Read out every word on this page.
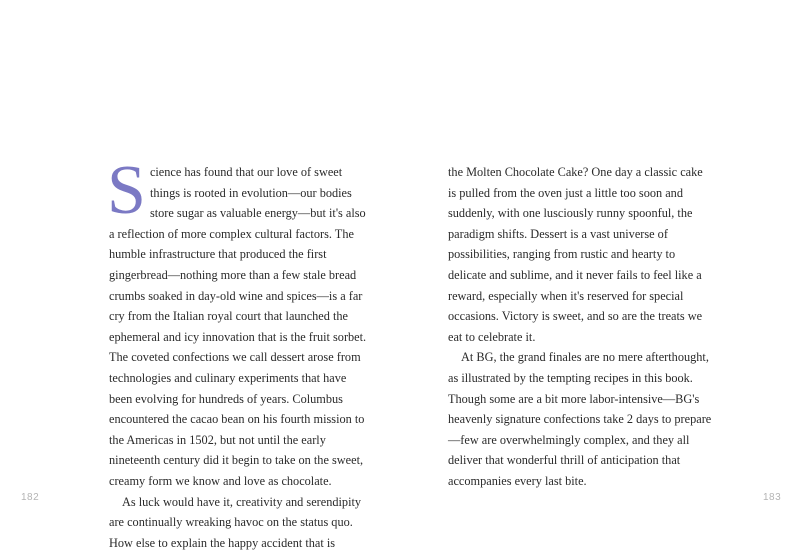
Science has found that our love of sweet things is rooted in evolution—our bodies store sugar as valuable energy—but it's also a reflection of more complex cultural factors. The humble infrastructure that produced the first gingerbread—nothing more than a few stale bread crumbs soaked in day-old wine and spices—is a far cry from the Italian royal court that launched the ephemeral and icy innovation that is the fruit sorbet. The coveted confections we call dessert arose from technologies and culinary experiments that have been evolving for hundreds of years. Columbus encountered the cacao bean on his fourth mission to the Americas in 1502, but not until the early nineteenth century did it begin to take on the sweet, creamy form we know and love as chocolate.

As luck would have it, creativity and serendipity are continually wreaking havoc on the status quo. How else to explain the happy accident that is

182

the Molten Chocolate Cake? One day a classic cake is pulled from the oven just a little too soon and suddenly, with one lusciously runny spoonful, the paradigm shifts. Dessert is a vast universe of possibilities, ranging from rustic and hearty to delicate and sublime, and it never fails to feel like a reward, especially when it's reserved for special occasions. Victory is sweet, and so are the treats we eat to celebrate it.

At BG, the grand finales are no mere afterthought, as illustrated by the tempting recipes in this book. Though some are a bit more labor-intensive—BG's heavenly signature confections take 2 days to prepare—few are overwhelmingly complex, and they all deliver that wonderful thrill of anticipation that accompanies every last bite.

183
